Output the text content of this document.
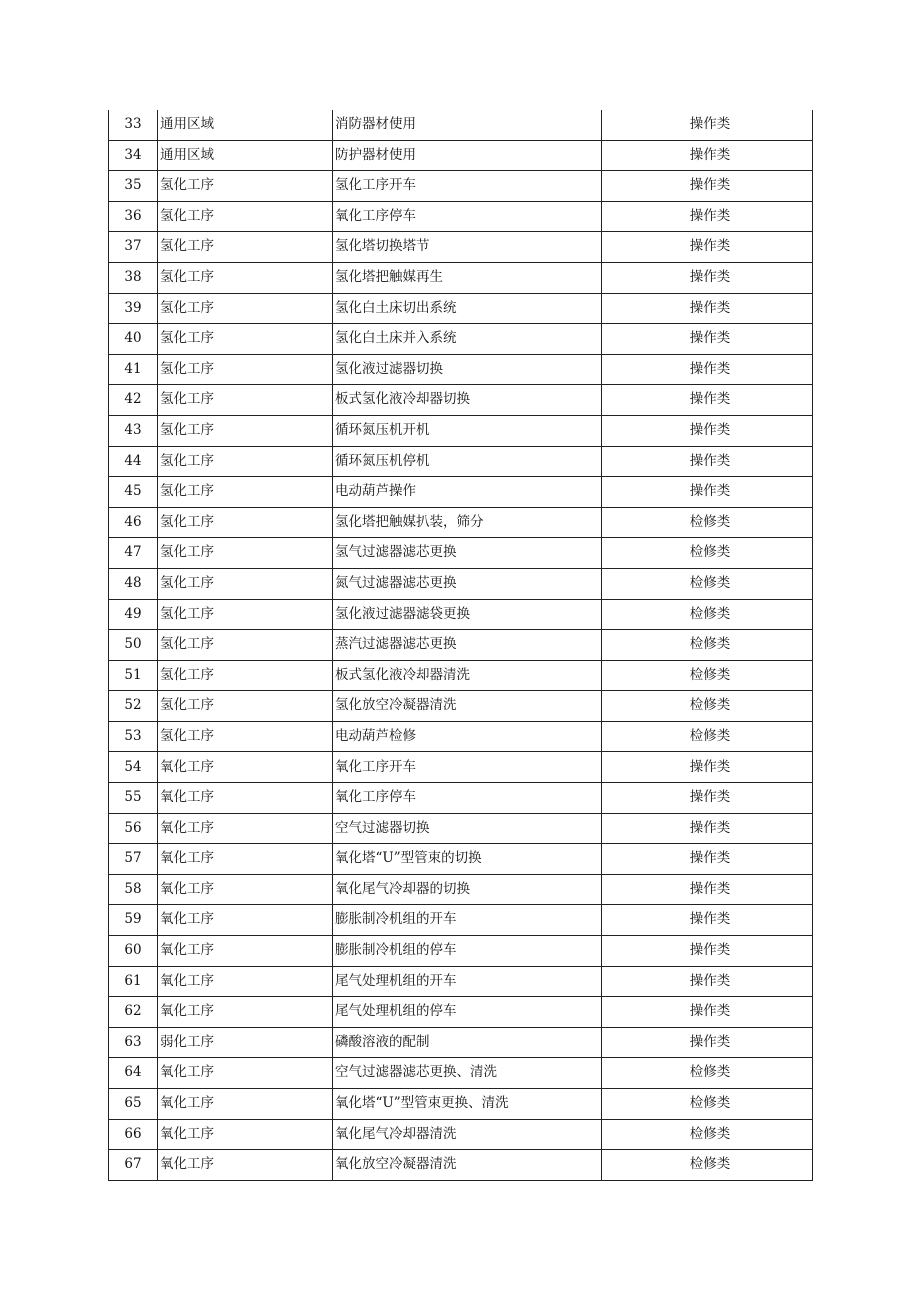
33	通用区域	消防器材使用	操作类
34	通用区域	防护器材使用	操作类
35	氢化工序	氢化工序开车	操作类
36	氢化工序	氧化工序停车	操作类
37	氢化工序	氢化塔切换塔节	操作类
38	氢化工序	氢化塔把触媒再生	操作类
39	氢化工序	氢化白土床切出系统	操作类
40	氢化工序	氢化白土床并入系统	操作类
41	氢化工序	氢化液过滤器切换	操作类
42	氢化工序	板式氢化液冷却器切换	操作类
43	氢化工序	循环氮压机开机	操作类
44	氢化工序	循环氮压机停机	操作类
45	氢化工序	电动葫芦操作	操作类
46	氢化工序	氢化塔把触媒扒装，筛分	检修类
47	氢化工序	氢气过滤器滤芯更换	检修类
48	氢化工序	氮气过滤器滤芯更换	检修类
49	氢化工序	氢化液过滤器滤袋更换	检修类
50	氢化工序	蒸汽过滤器滤芯更换	检修类
51	氢化工序	板式氢化液冷却器清洗	检修类
52	氢化工序	氢化放空冷凝器清洗	检修类
53	氢化工序	电动葫芦检修	检修类
54	氧化工序	氧化工序开车	操作类
55	氧化工序	氧化工序停车	操作类
56	氧化工序	空气过滤器切换	操作类
57	氧化工序	氧化塔“U”型管束的切换	操作类
58	氧化工序	氧化尾气冷却器的切换	操作类
59	氧化工序	膨胀制冷机组的开车	操作类
60	氧化工序	膨胀制冷机组的停车	操作类
61	氧化工序	尾气处理机组的开车	操作类
62	氧化工序	尾气处理机组的停车	操作类
63	弱化工序	磷酸溶液的配制	操作类
64	氧化工序	空气过滤器滤芯更换、清洗	检修类
65	氧化工序	氧化塔“U”型管束更换、清洗	检修类
66	氧化工序	氧化尾气冷却器清洗	检修类
67	氧化工序	氧化放空冷凝器清洗	检修类
